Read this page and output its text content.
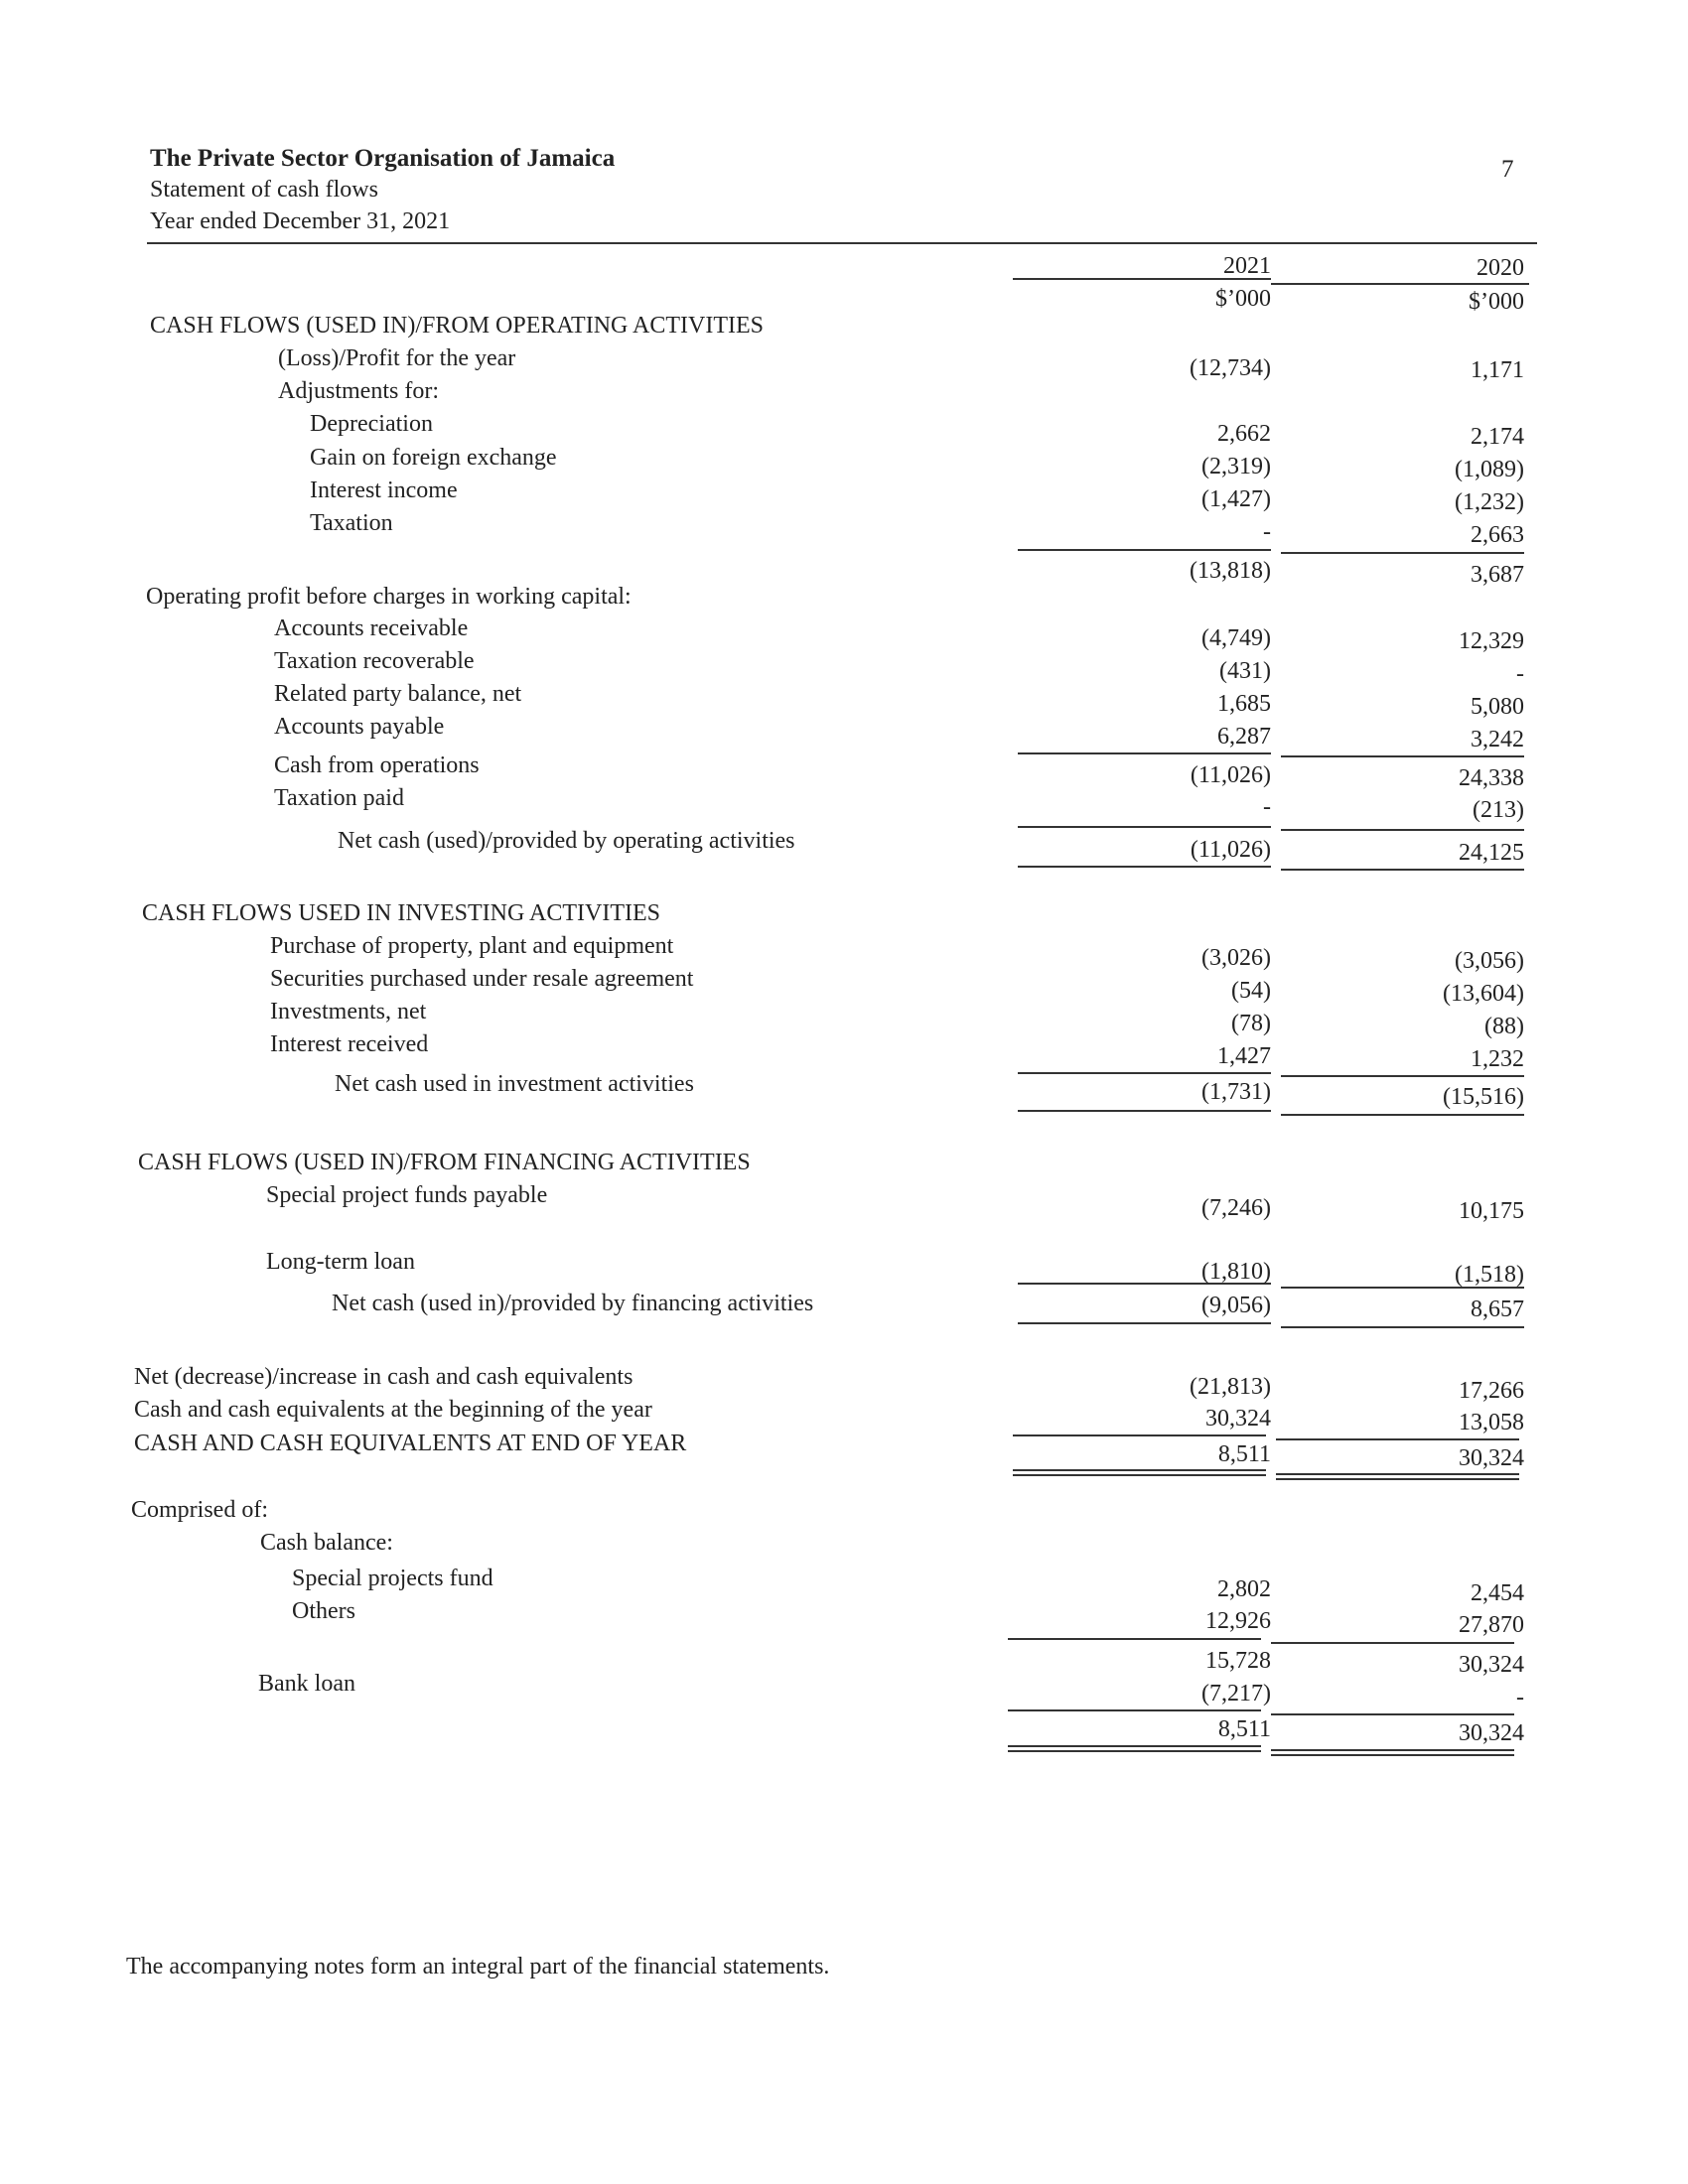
The Private Sector Organisation of Jamaica
Statement of cash flows
Year ended December 31, 2021
7
2021	2020
$’000	$’000
CASH FLOWS (USED IN)/FROM OPERATING ACTIVITIES
(Loss)/Profit for the year	(12,734)	1,171
Adjustments for:
Depreciation	2,662	2,174
Gain on foreign exchange	(2,319)	(1,089)
Interest income	(1,427)	(1,232)
Taxation	-	2,663
(13,818)	3,687
Operating profit before charges in working capital:
Accounts receivable	(4,749)	12,329
Taxation recoverable	(431)	-
Related party balance, net	1,685	5,080
Accounts payable	6,287	3,242
Cash from operations	(11,026)	24,338
Taxation paid	-	(213)
Net cash (used)/provided by operating activities	(11,026)	24,125
CASH FLOWS USED IN INVESTING ACTIVITIES
Purchase of property, plant and equipment	(3,026)	(3,056)
Securities purchased under resale agreement	(54)	(13,604)
Investments, net	(78)	(88)
Interest received	1,427	1,232
Net cash used in investment activities	(1,731)	(15,516)
CASH FLOWS (USED IN)/FROM FINANCING ACTIVITIES
Special project funds payable	(7,246)	10,175
Long-term loan	(1,810)	(1,518)
Net cash (used in)/provided by financing activities	(9,056)	8,657
Net (decrease)/increase in cash and cash equivalents	(21,813)	17,266
Cash and cash equivalents at the beginning of the year	30,324	13,058
CASH AND CASH EQUIVALENTS AT END OF YEAR	8,511	30,324
Comprised of:
Cash balance:
Special projects fund	2,802	2,454
Others	12,926	27,870
15,728	30,324
Bank loan	(7,217)	-
8,511	30,324
The accompanying notes form an integral part of the financial statements.
